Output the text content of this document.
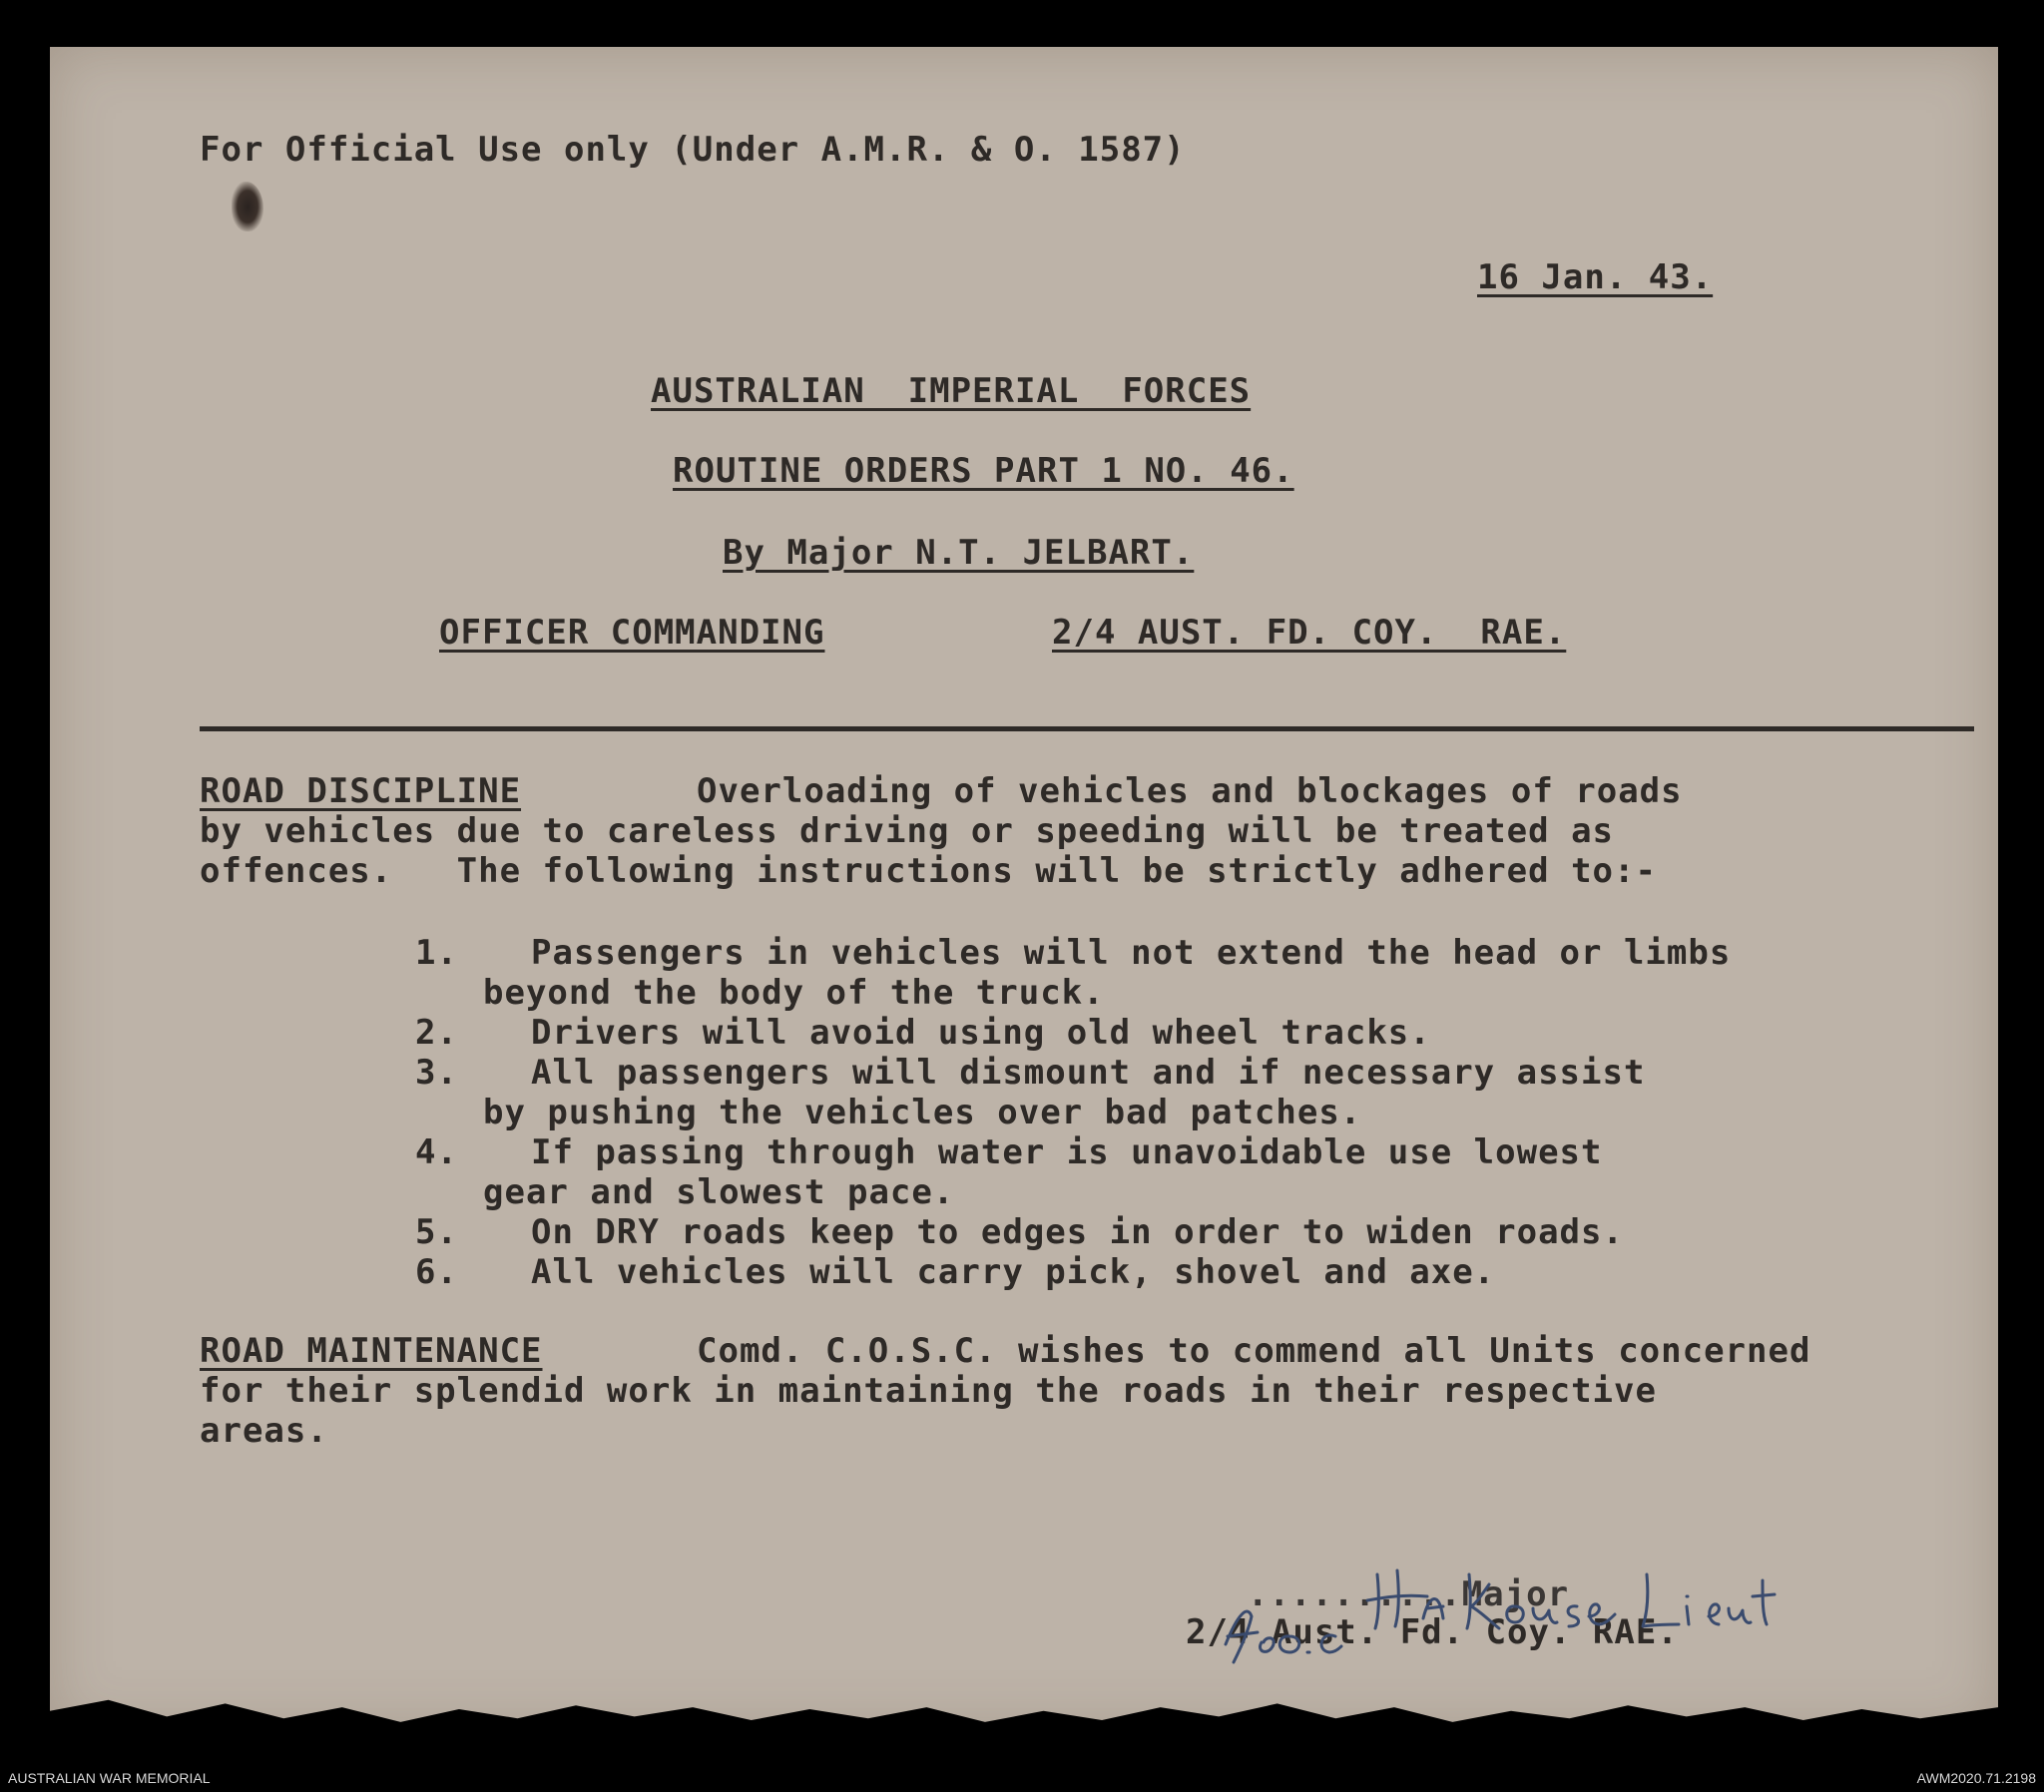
For Official Use only (Under A.M.R. & O. 1587)
16 Jan. 43.
AUSTRALIAN  IMPERIAL  FORCES
ROUTINE ORDERS PART 1 NO. 46.
By Major N.T. JELBART.
OFFICER COMMANDING	2/4 AUST. FD. COY.  RAE.
ROAD DISCIPLINE	Overloading of vehicles and blockages of roads
by vehicles due to careless driving or speeding will be treated as
offences.   The following instructions will be strictly adhered to:-
1. Passengers in vehicles will not extend the head or limbs
beyond the body of the truck.
2. Drivers will avoid using old wheel tracks.
3. All passengers will dismount and if necessary assist
by pushing the vehicles over bad patches.
4. If passing through water is unavoidable use lowest
gear and slowest pace.
5. On DRY roads keep to edges in order to widen roads.
6. All vehicles will carry pick, shovel and axe.
ROAD MAINTENANCE	Comd. C.O.S.C. wishes to commend all Units concerned
for their splendid work in maintaining the roads in their respective
areas.
..........Major
2/4 Aust. Fd. Coy. RAE.
AUSTRALIAN WAR MEMORIAL	AWM2020.71.2198
